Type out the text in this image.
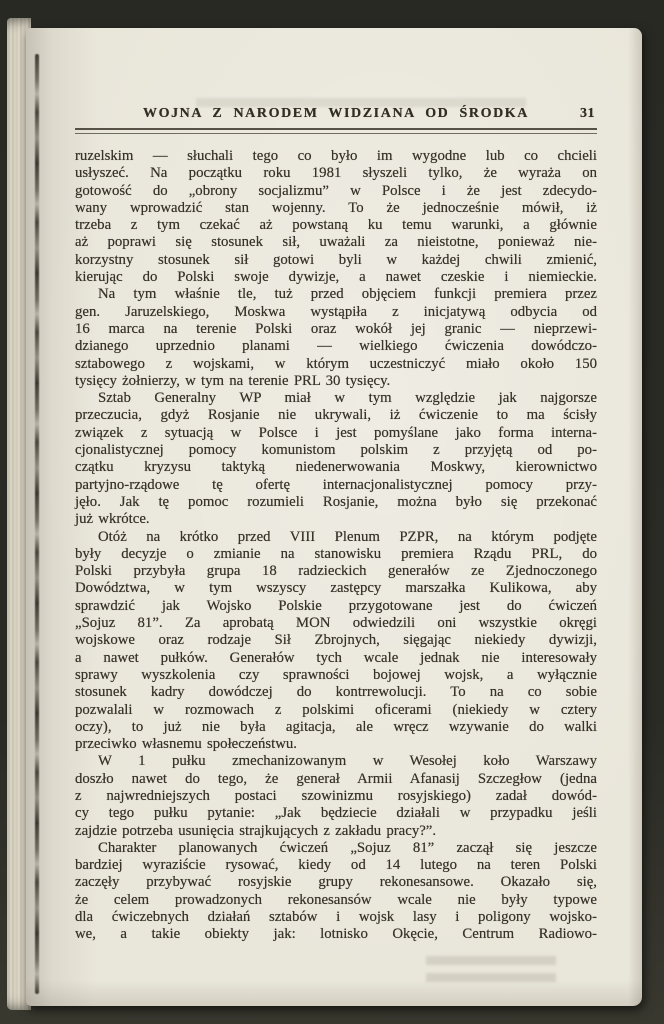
WOJNA Z NARODEM WIDZIANA OD ŚRODKA	31
ruzelskim — słuchali tego co było im wygodne lub co chcieli
usłyszeć. Na początku roku 1981 słyszeli tylko, że wyraża on
gotowość do „obrony socjalizmu” w Polsce i że jest zdecydo-
wany wprowadzić stan wojenny. To że jednocześnie mówił, iż
trzeba z tym czekać aż powstaną ku temu warunki, a głównie
aż poprawi się stosunek sił, uważali za nieistotne, ponieważ nie-
korzystny stosunek sił gotowi byli w każdej chwili zmienić,
kierując do Polski swoje dywizje, a nawet czeskie i niemieckie.
Na tym właśnie tle, tuż przed objęciem funkcji premiera przez
gen. Jaruzelskiego, Moskwa wystąpiła z inicjatywą odbycia od
16 marca na terenie Polski oraz wokół jej granic — nieprzewi-
dzianego uprzednio planami — wielkiego ćwiczenia dowódczo-
sztabowego z wojskami, w którym uczestniczyć miało około 150
tysięcy żołnierzy, w tym na terenie PRL 30 tysięcy.
Sztab Generalny WP miał w tym względzie jak najgorsze
przeczucia, gdyż Rosjanie nie ukrywali, iż ćwiczenie to ma ścisły
związek z sytuacją w Polsce i jest pomyślane jako forma interna-
cjonalistycznej pomocy komunistom polskim z przyjętą od po-
czątku kryzysu taktyką niedenerwowania Moskwy, kierownictwo
partyjno-rządowe tę ofertę internacjonalistycznej pomocy przy-
jęło. Jak tę pomoc rozumieli Rosjanie, można było się przekonać
już wkrótce.
Otóż na krótko przed VIII Plenum PZPR, na którym podjęte
były decyzje o zmianie na stanowisku premiera Rządu PRL, do
Polski przybyła grupa 18 radzieckich generałów ze Zjednoczonego
Dowództwa, w tym wszyscy zastępcy marszałka Kulikowa, aby
sprawdzić jak Wojsko Polskie przygotowane jest do ćwiczeń
„Sojuz 81”. Za aprobatą MON odwiedzili oni wszystkie okręgi
wojskowe oraz rodzaje Sił Zbrojnych, sięgając niekiedy dywizji,
a nawet pułków. Generałów tych wcale jednak nie interesowały
sprawy wyszkolenia czy sprawności bojowej wojsk, a wyłącznie
stosunek kadry dowódczej do kontrrewolucji. To na co sobie
pozwalali w rozmowach z polskimi oficerami (niekiedy w cztery
oczy), to już nie była agitacja, ale wręcz wzywanie do walki
przeciwko własnemu społeczeństwu.
W 1 pułku zmechanizowanym w Wesołej koło Warszawy
doszło nawet do tego, że generał Armii Afanasij Szczegłow (jedna
z najwredniejszych postaci szowinizmu rosyjskiego) zadał dowód-
cy tego pułku pytanie: „Jak będziecie działali w przypadku jeśli
zajdzie potrzeba usunięcia strajkujących z zakładu pracy?”.
Charakter planowanych ćwiczeń „Sojuz 81” zaczął się jeszcze
bardziej wyraziście rysować, kiedy od 14 lutego na teren Polski
zaczęły przybywać rosyjskie grupy rekonesansowe. Okazało się,
że celem prowadzonych rekonesansów wcale nie były typowe
dla ćwiczebnych działań sztabów i wojsk lasy i poligony wojsko-
we, a takie obiekty jak: lotnisko Okęcie, Centrum Radiowo-
